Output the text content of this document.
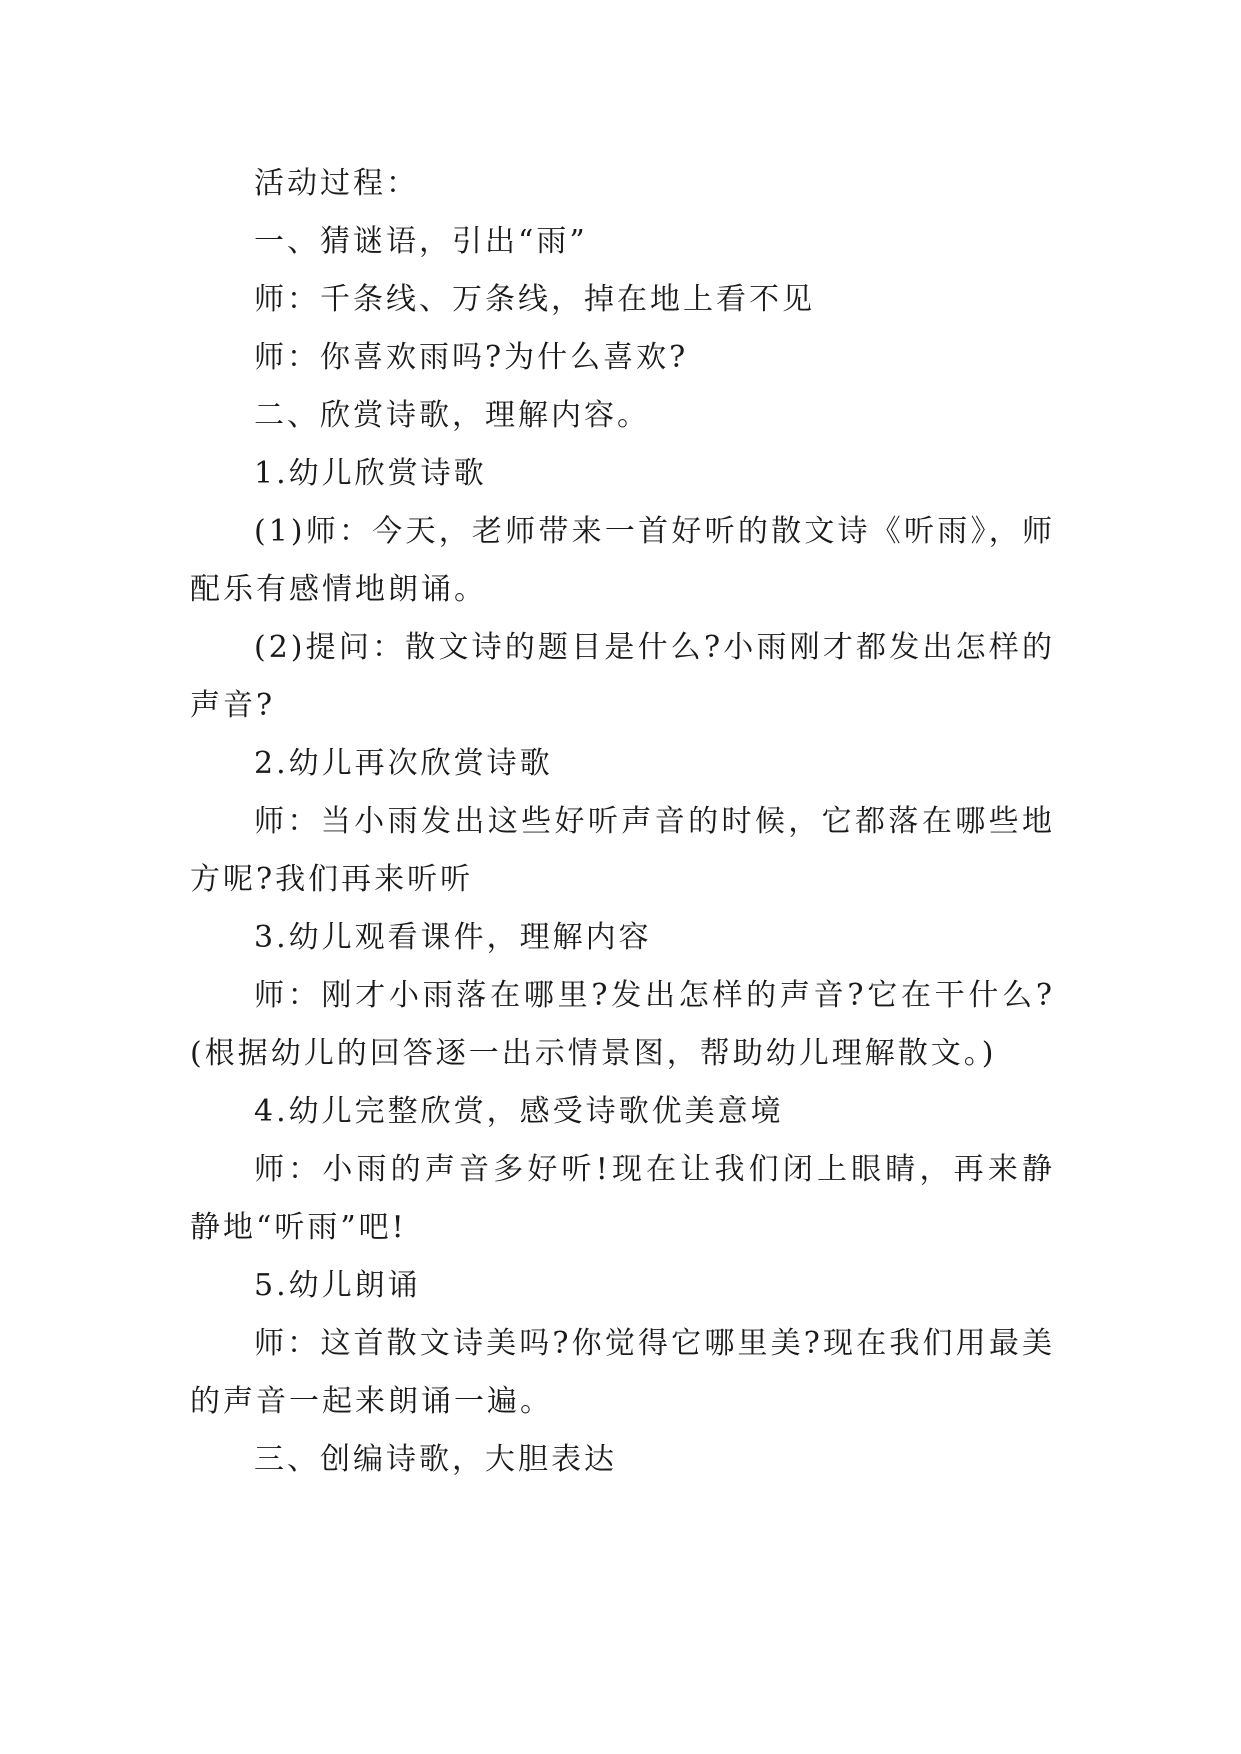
活动过程：

一、猜谜语，引出“雨”

师：千条线、万条线，掉在地上看不见

师：你喜欢雨吗?为什么喜欢?

二、欣赏诗歌，理解内容。

1.幼儿欣赏诗歌

(1)师：今天，老师带来一首好听的散文诗《听雨》，师配乐有感情地朗诵。

(2)提问：散文诗的题目是什么?小雨刚才都发出怎样的声音?

2.幼儿再次欣赏诗歌

师：当小雨发出这些好听声音的时候，它都落在哪些地方呢?我们再来听听

3.幼儿观看课件，理解内容

师：刚才小雨落在哪里?发出怎样的声音?它在干什么?(根据幼儿的回答逐一出示情景图，帮助幼儿理解散文。)

4.幼儿完整欣赏，感受诗歌优美意境

师：小雨的声音多好听!现在让我们闭上眼睛，再来静静地“听雨”吧!

5.幼儿朗诵

师：这首散文诗美吗?你觉得它哪里美?现在我们用最美的声音一起来朗诵一遍。

三、创编诗歌，大胆表达
